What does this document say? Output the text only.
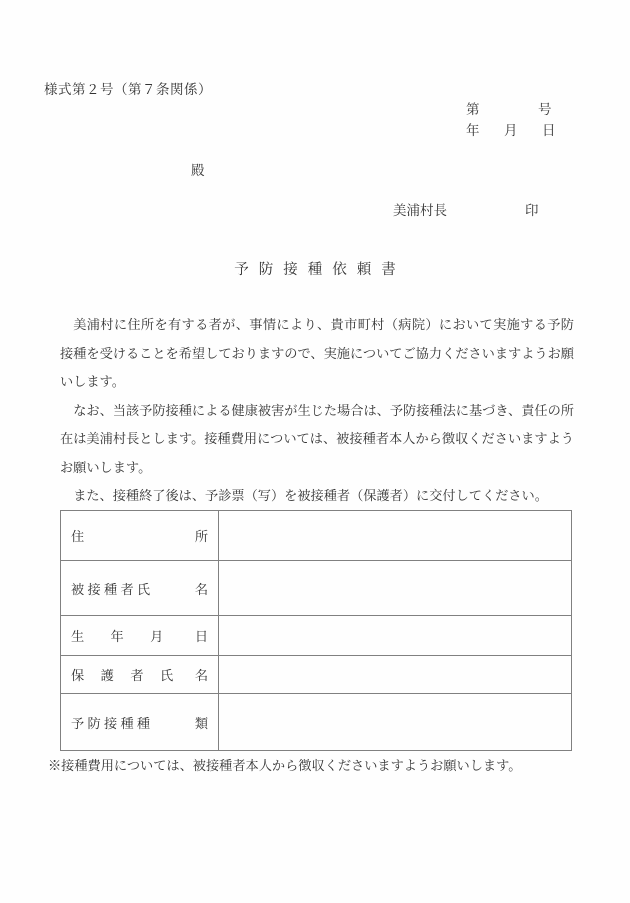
様式第２号（第７条関係）
第	号
年 月 日
殿
美浦村長	印
予防接種依頼書

美浦村に住所を有する者が、事情により、貴市町村（病院）において実施する予防接種を受けることを希望しておりますので、実施についてご協力くださいますようお願いします。

なお、当該予防接種による健康被害が生じた場合は、予防接種法に基づき、責任の所在は美浦村長とします。接種費用については、被接種者本人から徴収くださいますようお願いします。

また、接種終了後は、予診票（写）を被接種者（保護者）に交付してください。

住 所	

被 接 種 者 氏 名	

生　　年　　月 日	

保 　護 　者 　氏 名	

予 防 接 種 種 類	

※接種費用については、被接種者本人から徴収くださいますようお願いします。
